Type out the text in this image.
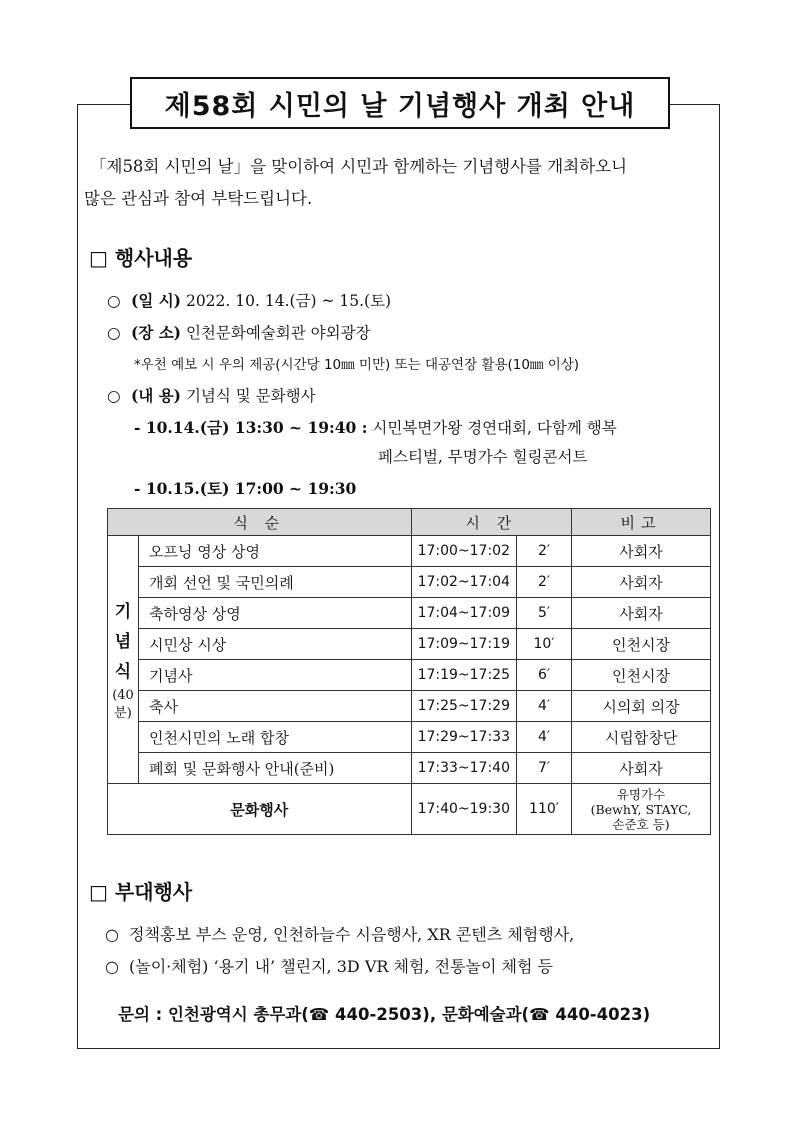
제58회 시민의 날 기념행사 개최 안내
「제58회 시민의 날」을 맞이하여 시민과 함께하는 기념행사를 개최하오니
많은 관심과 참여 부탁드립니다.
□ 행사내용
○ (일 시) 2022. 10. 14.(금) ~ 15.(토)
○ (장 소) 인천문화예술회관 야외광장
*우천 예보 시 우의 제공(시간당 10㎜ 미만) 또는 대공연장 활용(10㎜ 이상)
○ (내 용) 기념식 및 문화행사
- 10.14.(금) 13:30 ~ 19:40 : 시민복면가왕 경연대회, 다함께 행복
페스티벌, 무명가수 힐링콘서트
- 10.15.(토) 17:00 ~ 19:30
식 순		시 간		비고
기
념
식
(40분)	오프닝 영상 상영	17:00~17:02	2′	사회자
	개회 선언 및 국민의례	17:02~17:04	2′	사회자
	축하영상 상영	17:04~17:09	5′	사회자
	시민상 시상	17:09~17:19	10′	인천시장
	기념사	17:19~17:25	6′	인천시장
	축사	17:25~17:29	4′	시의회 의장
	인천시민의 노래 합창	17:29~17:33	4′	시립합창단
	폐회 및 문화행사 안내(준비)	17:33~17:40	7′	사회자
문화행사		17:40~19:30	110′	유명가수
(BewhY, STAYC,
손준호 등)
□ 부대행사
○ 정책홍보 부스 운영, 인천하늘수 시음행사, XR 콘텐츠 체험행사,
○ (놀이·체험) ‘용기 내’ 챌린지, 3D VR 체험, 전통놀이 체험 등
문의 : 인천광역시 총무과(☎ 440-2503), 문화예술과(☎ 440-4023)
